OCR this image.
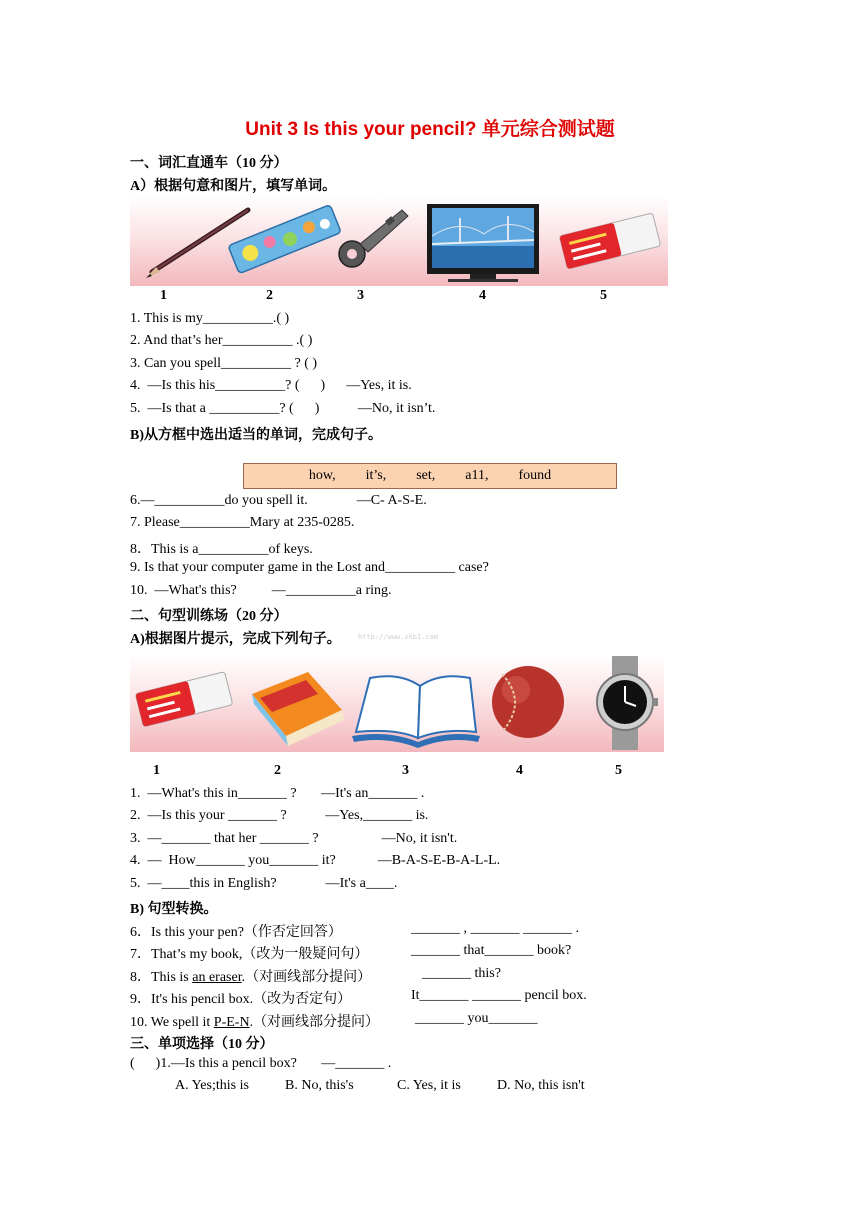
Unit 3 Is this your pencil? 单元综合测试题
一、词汇直通车（10 分）
A）根据句意和图片，填写单词。
1	2	3	4	5
1. This is my__________.( )
2. And that’s her__________ .( )
3. Can you spell__________ ? ( )
4.  —Is this his__________? (      )      —Yes, it is.
5.  —Is that a __________? (      )           —No, it isn’t.
B)从方框中选出适当的单词，完成句子。
how,    it’s,    set,    a11,    found
6.—__________do you spell it.              —C- A-S-E.
7. Please__________Mary at 235-0285.
8．This is a__________of keys.
9. Is that your computer game in the Lost and__________ case?
10.  —What's this?          —__________a ring.
二、句型训练场（20 分）
A)根据图片提示，完成下列句子。 http://www.xkb1.com
1	2	3	4	5
1.  —What's this in_______ ?       —It's an_______ .
2.  —Is this your _______ ?           —Yes,_______ is.
3.  —_______ that her _______ ?                  —No, it isn't.
4.  —  How_______ you_______ it?            —B-A-S-E-B-A-L-L.
5.  —____this in English?              —It's a____.
B) 句型转换。
6．Is this your pen?（作否定回答）	_______ , _______ _______ .
7．That’s my book,（改为一般疑问句）	_______ that_______ book?
8．This is an eraser.（对画线部分提问）	_______ this?
9．It's his pencil box.（改为否定句）	It_______ _______ pencil box.
10. We spell it P-E-N.（对画线部分提问）	_______ you_______
三、单项选择（10 分）
(      )1.—Is this a pencil box?       —_______ .
A. Yes;this is	B. No, this's	C. Yes, it is	D. No, this isn't
